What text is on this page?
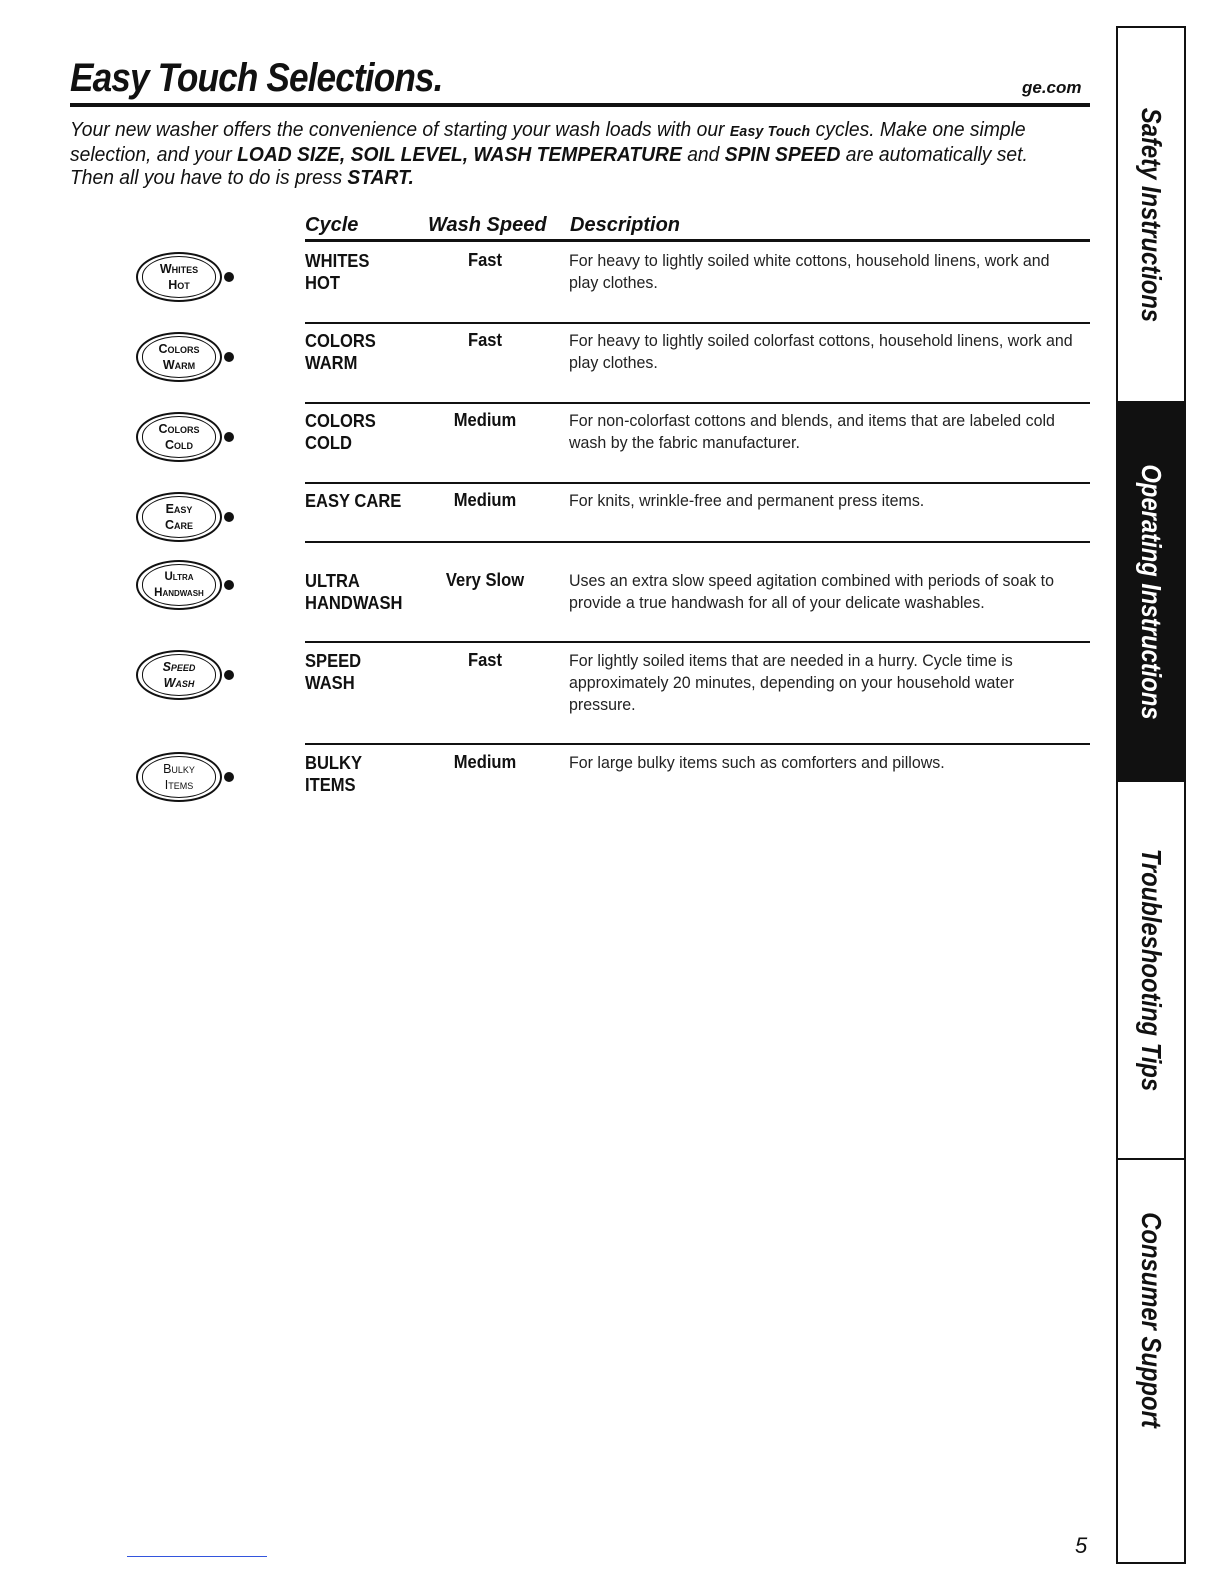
Easy Touch Selections.	ge.com
Your new washer offers the convenience of starting your wash loads with our Easy Touch cycles. Make one simple selection, and your LOAD SIZE, SOIL LEVEL, WASH TEMPERATURE and SPIN SPEED are automatically set. Then all you have to do is press START.
Cycle	Wash Speed Description
Whites
Hot
WHITES
HOT
Fast	For heavy to lightly soiled white cottons, household linens, work and play clothes.
Colors
Warm
COLORS
WARM
Fast	For heavy to lightly soiled colorfast cottons, household linens, work and play clothes.
Colors
Cold
COLORS
COLD
Medium	For non-colorfast cottons and blends, and items that are labeled cold wash by the fabric manufacturer.
Easy
Care
EASY CARE	Medium	For knits, wrinkle-free and permanent press items.
Ultra
Handwash
ULTRA
HANDWASH
Very Slow	Uses an extra slow speed agitation combined with periods of soak to provide a true handwash for all of your delicate washables.
Speed
Wash
SPEED
WASH
Fast	For lightly soiled items that are needed in a hurry. Cycle time is approximately 20 minutes, depending on your household water pressure.
Bulky
Items
BULKY
ITEMS
Medium	For large bulky items such as comforters and pillows.
Safety Instructions
Operating Instructions
Troubleshooting Tips
Consumer Support
5
